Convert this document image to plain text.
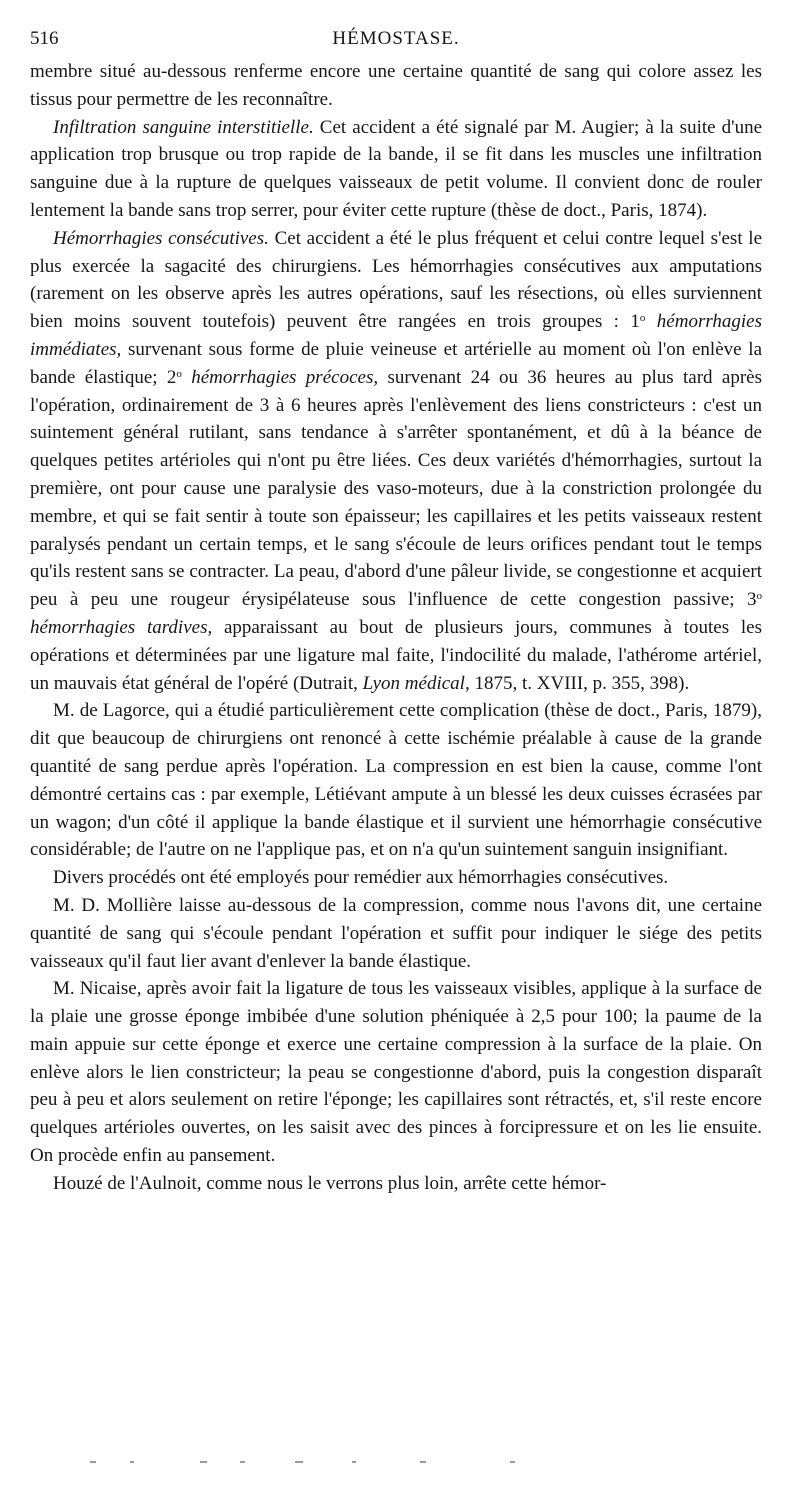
516	HÉMOSTASE.

membre situé au-dessous renferme encore une certaine quantité de sang qui colore assez les tissus pour permettre de les reconnaître.

Infiltration sanguine interstitielle. Cet accident a été signalé par M. Augier; à la suite d'une application trop brusque ou trop rapide de la bande, il se fit dans les muscles une infiltration sanguine due à la rupture de quelques vaisseaux de petit volume. Il convient donc de rouler lentement la bande sans trop serrer, pour éviter cette rupture (thèse de doct., Paris, 1874).

Hémorrhagies consécutives. Cet accident a été le plus fréquent et celui contre lequel s'est le plus exercée la sagacité des chirurgiens. Les hémorrhagies consécutives aux amputations (rarement on les observe après les autres opérations, sauf les résections, où elles surviennent bien moins souvent toutefois) peuvent être rangées en trois groupes : 1$^o$ hémorrhagies immédiates, survenant sous forme de pluie veineuse et artérielle au moment où l'on enlève la bande élastique; 2$^o$ hémorrhagies précoces, survenant 24 ou 36 heures au plus tard après l'opération, ordinairement de 3 à 6 heures après l'enlèvement des liens constricteurs : c'est un suintement général rutilant, sans tendance à s'arrêter spontanément, et dû à la béance de quelques petites artérioles qui n'ont pu être liées. Ces deux variétés d'hémorrhagies, surtout la première, ont pour cause une paralysie des vaso-moteurs, due à la constriction prolongée du membre, et qui se fait sentir à toute son épaisseur; les capillaires et les petits vaisseaux restent paralysés pendant un certain temps, et le sang s'écoule de leurs orifices pendant tout le temps qu'ils restent sans se contracter. La peau, d'abord d'une pâleur livide, se congestionne et acquiert peu à peu une rougeur érysipélateuse sous l'influence de cette congestion passive; 3$^o$ hémorrhagies tardives, apparaissant au bout de plusieurs jours, communes à toutes les opérations et déterminées par une ligature mal faite, l'indocilité du malade, l'athérome artériel, un mauvais état général de l'opéré (Dutrait, Lyon médical, 1875, t. XVIII, p. 355, 398).

M. de Lagorce, qui a étudié particulièrement cette complication (thèse de doct., Paris, 1879), dit que beaucoup de chirurgiens ont renoncé à cette ischémie préalable à cause de la grande quantité de sang perdue après l'opération. La compression en est bien la cause, comme l'ont démontré certains cas : par exemple, Létiévant ampute à un blessé les deux cuisses écrasées par un wagon; d'un côté il applique la bande élastique et il survient une hémorrhagie consécutive considérable; de l'autre on ne l'applique pas, et on n'a qu'un suintement sanguin insignifiant.

Divers procédés ont été employés pour remédier aux hémorrhagies consécutives.

M. D. Mollière laisse au-dessous de la compression, comme nous l'avons dit, une certaine quantité de sang qui s'écoule pendant l'opération et suffit pour indiquer le siége des petits vaisseaux qu'il faut lier avant d'enlever la bande élastique.

M. Nicaise, après avoir fait la ligature de tous les vaisseaux visibles, applique à la surface de la plaie une grosse éponge imbibée d'une solution phéniquée à 2,5 pour 100; la paume de la main appuie sur cette éponge et exerce une certaine compression à la surface de la plaie. On enlève alors le lien constricteur; la peau se congestionne d'abord, puis la congestion disparaît peu à peu et alors seulement on retire l'éponge; les capillaires sont rétractés, et, s'il reste encore quelques artérioles ouvertes, on les saisit avec des pinces à forcipressure et on les lie ensuite. On procède enfin au pansement.

Houzé de l'Aulnoit, comme nous le verrons plus loin, arrête cette hémor-
